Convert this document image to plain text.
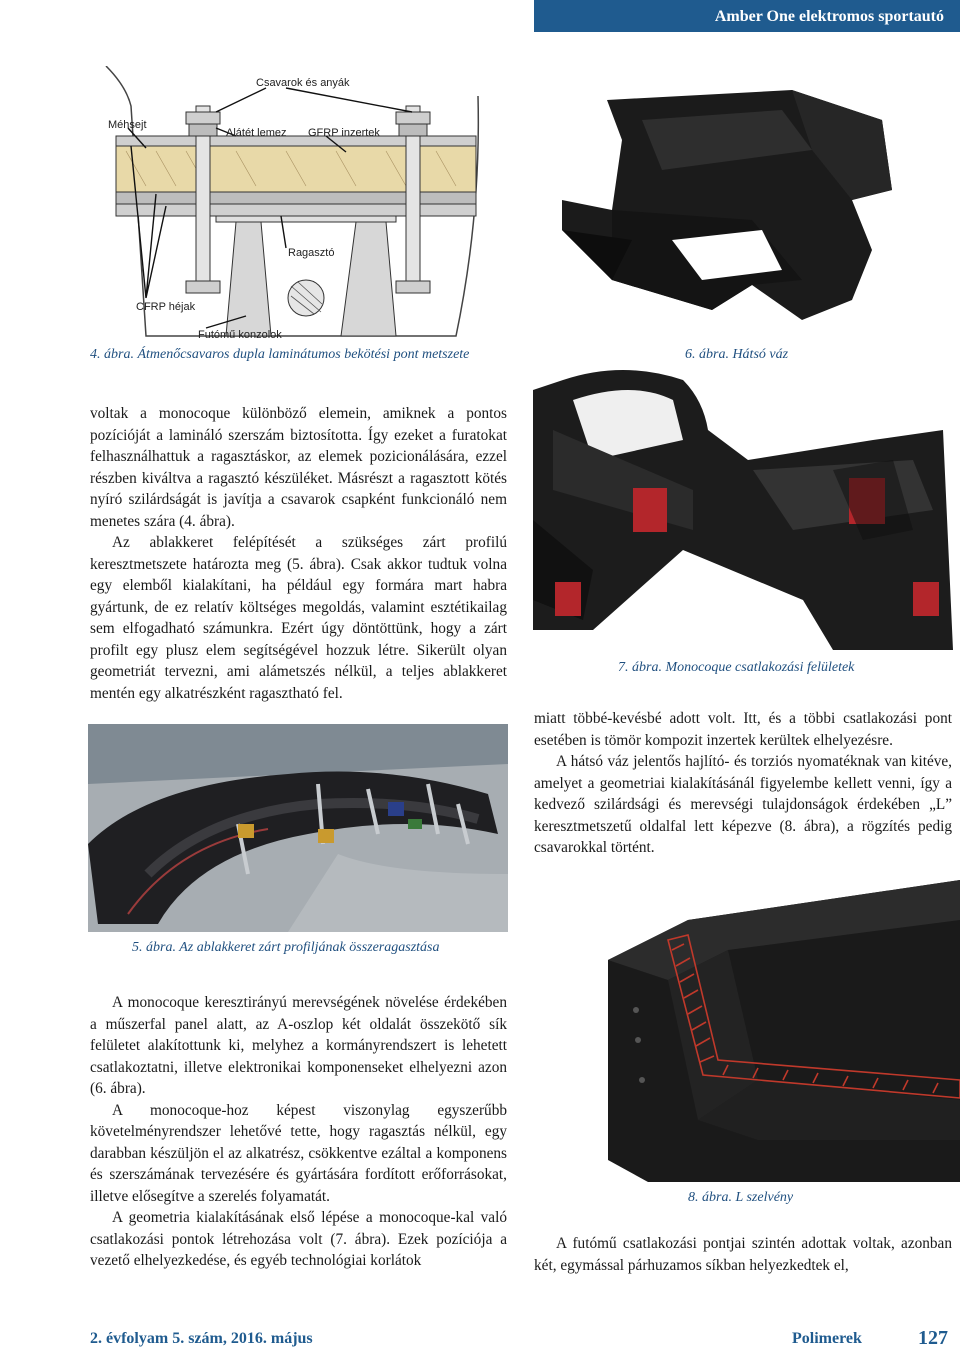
Amber One elektromos sportautó
Csavarok és anyák
Méhsejt
Alátét lemez GFRP inzertek
Ragasztó
CFRP héjak
Futómű konzolok
4. ábra. Átmenőcsavaros dupla laminátumos bekötési pont metszete	6. ábra. Hátsó váz

voltak a monocoque különböző elemein, amiknek a pontos pozícióját a lamináló szerszám biztosította. Így ezeket a furatokat felhasználhattuk a ragasztáskor, az elemek pozicionálására, ezzel részben kiváltva a ragasztó készüléket. Másrészt a ragasztott kötés nyíró szilárdságát is javítja a csavarok csapként funkcionáló nem menetes szára (4. ábra).

Az ablakkeret felépítését a szükséges zárt profilú keresztmetszete határozta meg (5. ábra). Csak akkor tudtuk volna egy elemből kialakítani, ha például egy formára mart habra gyártunk, de ez relatív költséges megoldás, valamint esztétikailag sem elfogadható számunkra. Ezért úgy döntöttünk, hogy a zárt profilt egy plusz elem segítségével hozzuk létre. Sikerült olyan geometriát tervezni, ami alámetszés nélkül, a teljes ablakkeret mentén egy alkatrészként ragasztható fel.

7. ábra. Monocoque csatlakozási felületek

miatt többé-kevésbé adott volt. Itt, és a többi csatlakozási pont esetében is tömör kompozit inzertek kerültek elhelyezésre.

A hátsó váz jelentős hajlító- és torziós nyomatéknak van kitéve, amelyet a geometriai kialakításánál figyelembe kellett venni, így a kedvező szilárdsági és merevségi tulajdonságok érdekében „L” keresztmetszetű oldalfal lett képezve (8. ábra), a rögzítés pedig csavarokkal történt.

5. ábra. Az ablakkeret zárt profiljának összeragasztása
8. ábra. L szelvény

A monocoque keresztirányú merevségének növelése érdekében a műszerfal panel alatt, az A-oszlop két oldalát összekötő sík felületet alakítottunk ki, melyhez a kormányrendszert is lehetett csatlakoztatni, illetve elektronikai komponenseket elhelyezni azon (6. ábra).

A monocoque-hoz képest viszonylag egyszerűbb követelményrendszer lehetővé tette, hogy ragasztás nélkül, egy darabban készüljön el az alkatrész, csökkentve ezáltal a komponens és szerszámának tervezésére és gyártására fordított erőforrásokat, illetve elősegítve a szerelés folyamatát.

A geometria kialakításának első lépése a monocoque-kal való csatlakozási pontok létrehozása volt (7. ábra). Ezek pozíciója a vezető elhelyezkedése, és egyéb technológiai korlátok

A futómű csatlakozási pontjai szintén adottak voltak, azonban két, egymással párhuzamos síkban helyezkedtek el,

2. évfolyam 5. szám, 2016. május	Polimerek	127
